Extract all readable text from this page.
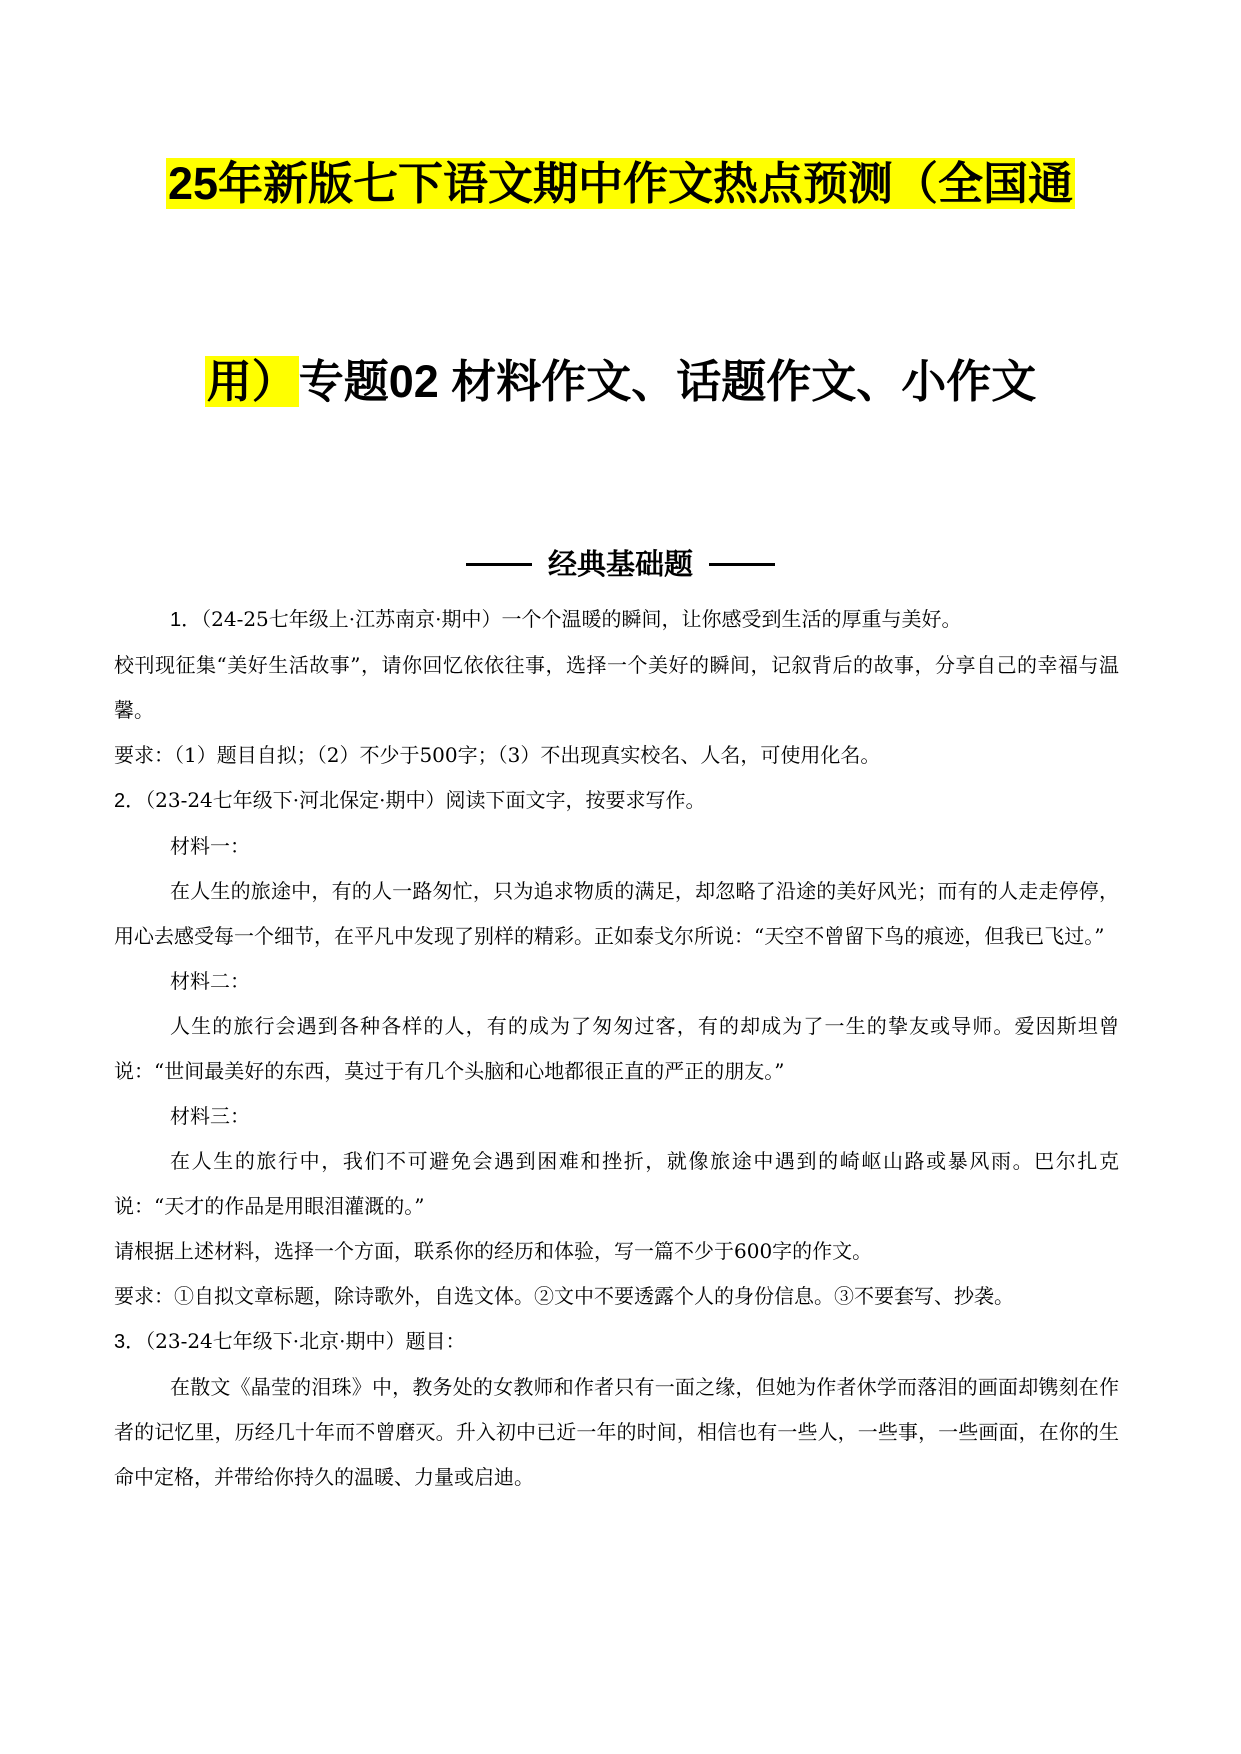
25年新版七下语文期中作文热点预测（全国通
用）专题02 材料作文、话题作文、小作文
经典基础题

1．（24-25七年级上·江苏南京·期中）一个个温暖的瞬间，让你感受到生活的厚重与美好。

校刊现征集“美好生活故事”，请你回忆依依往事，选择一个美好的瞬间，记叙背后的故事，分享自己的幸福与温馨。

要求：（1）题目自拟；（2）不少于500字；（3）不出现真实校名、人名，可使用化名。

2．（23-24七年级下·河北保定·期中）阅读下面文字，按要求写作。

材料一：

在人生的旅途中，有的人一路匆忙，只为追求物质的满足，却忽略了沿途的美好风光；而有的人走走停停，用心去感受每一个细节，在平凡中发现了别样的精彩。正如泰戈尔所说：“天空不曾留下鸟的痕迹，但我已飞过。”

材料二：

人生的旅行会遇到各种各样的人，有的成为了匆匆过客，有的却成为了一生的挚友或导师。爱因斯坦曾说：“世间最美好的东西，莫过于有几个头脑和心地都很正直的严正的朋友。”

材料三：

在人生的旅行中，我们不可避免会遇到困难和挫折，就像旅途中遇到的崎岖山路或暴风雨。巴尔扎克说：“天才的作品是用眼泪灌溉的。”

请根据上述材料，选择一个方面，联系你的经历和体验，写一篇不少于600字的作文。

要求：①自拟文章标题，除诗歌外，自选文体。②文中不要透露个人的身份信息。③不要套写、抄袭。

3．（23-24七年级下·北京·期中）题目：

在散文《晶莹的泪珠》中，教务处的女教师和作者只有一面之缘，但她为作者休学而落泪的画面却镌刻在作者的记忆里，历经几十年而不曾磨灭。升入初中已近一年的时间，相信也有一些人，一些事，一些画面，在你的生命中定格，并带给你持久的温暖、力量或启迪。
